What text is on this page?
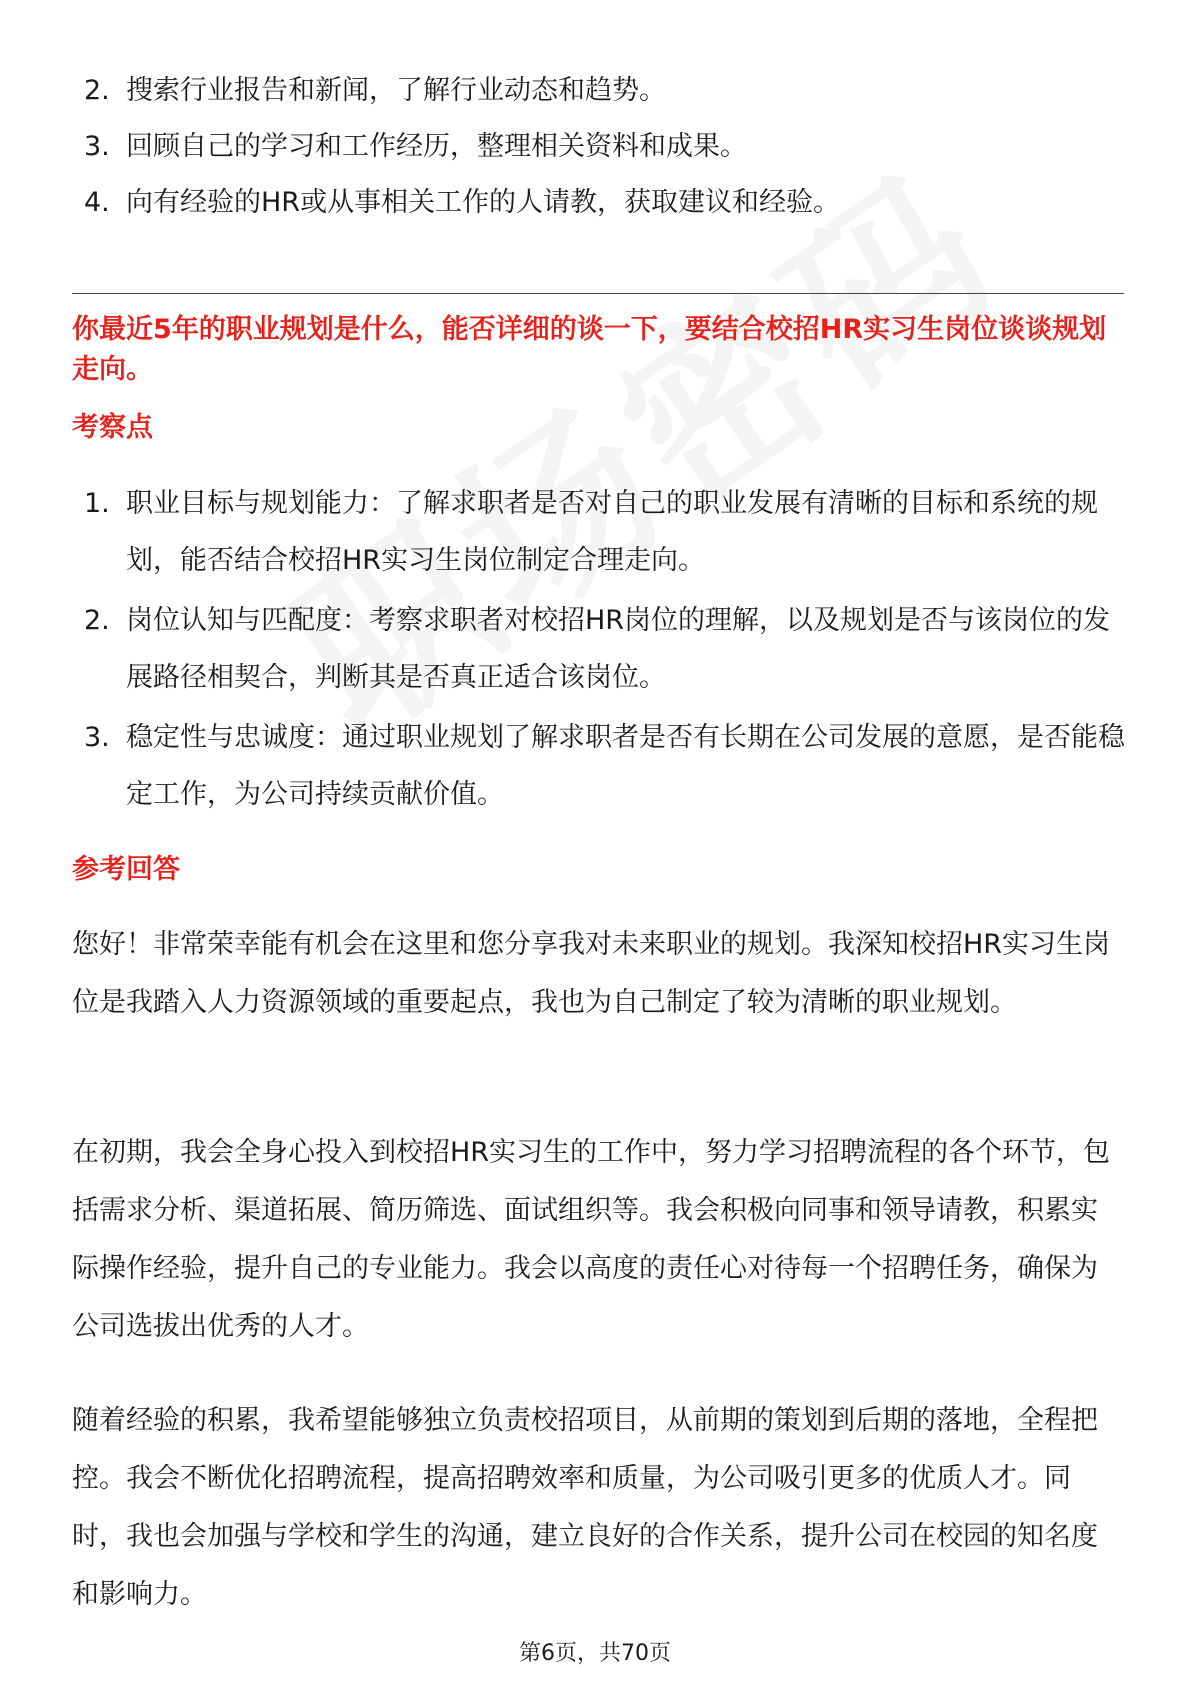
2. 搜索行业报告和新闻，了解行业动态和趋势。
3. 回顾自己的学习和工作经历，整理相关资料和成果。
4. 向有经验的HR或从事相关工作的人请教，获取建议和经验。
你最近5年的职业规划是什么，能否详细的谈一下，要结合校招HR实习生岗位谈谈规划走向。
考察点
1. 职业目标与规划能力：了解求职者是否对自己的职业发展有清晰的目标和系统的规划，能否结合校招HR实习生岗位制定合理走向。
2. 岗位认知与匹配度：考察求职者对校招HR岗位的理解，以及规划是否与该岗位的发展路径相契合，判断其是否真正适合该岗位。
3. 稳定性与忠诚度：通过职业规划了解求职者是否有长期在公司发展的意愿，是否能稳定工作，为公司持续贡献价值。
参考回答
您好！非常荣幸能有机会在这里和您分享我对未来职业的规划。我深知校招HR实习生岗位是我踏入人力资源领域的重要起点，我也为自己制定了较为清晰的职业规划。
在初期，我会全身心投入到校招HR实习生的工作中，努力学习招聘流程的各个环节，包括需求分析、渠道拓展、简历筛选、面试组织等。我会积极向同事和领导请教，积累实际操作经验，提升自己的专业能力。我会以高度的责任心对待每一个招聘任务，确保为公司选拔出优秀的人才。
随着经验的积累，我希望能够独立负责校招项目，从前期的策划到后期的落地，全程把控。我会不断优化招聘流程，提高招聘效率和质量，为公司吸引更多的优质人才。同时，我也会加强与学校和学生的沟通，建立良好的合作关系，提升公司在校园的知名度和影响力。
第6页，共70页
